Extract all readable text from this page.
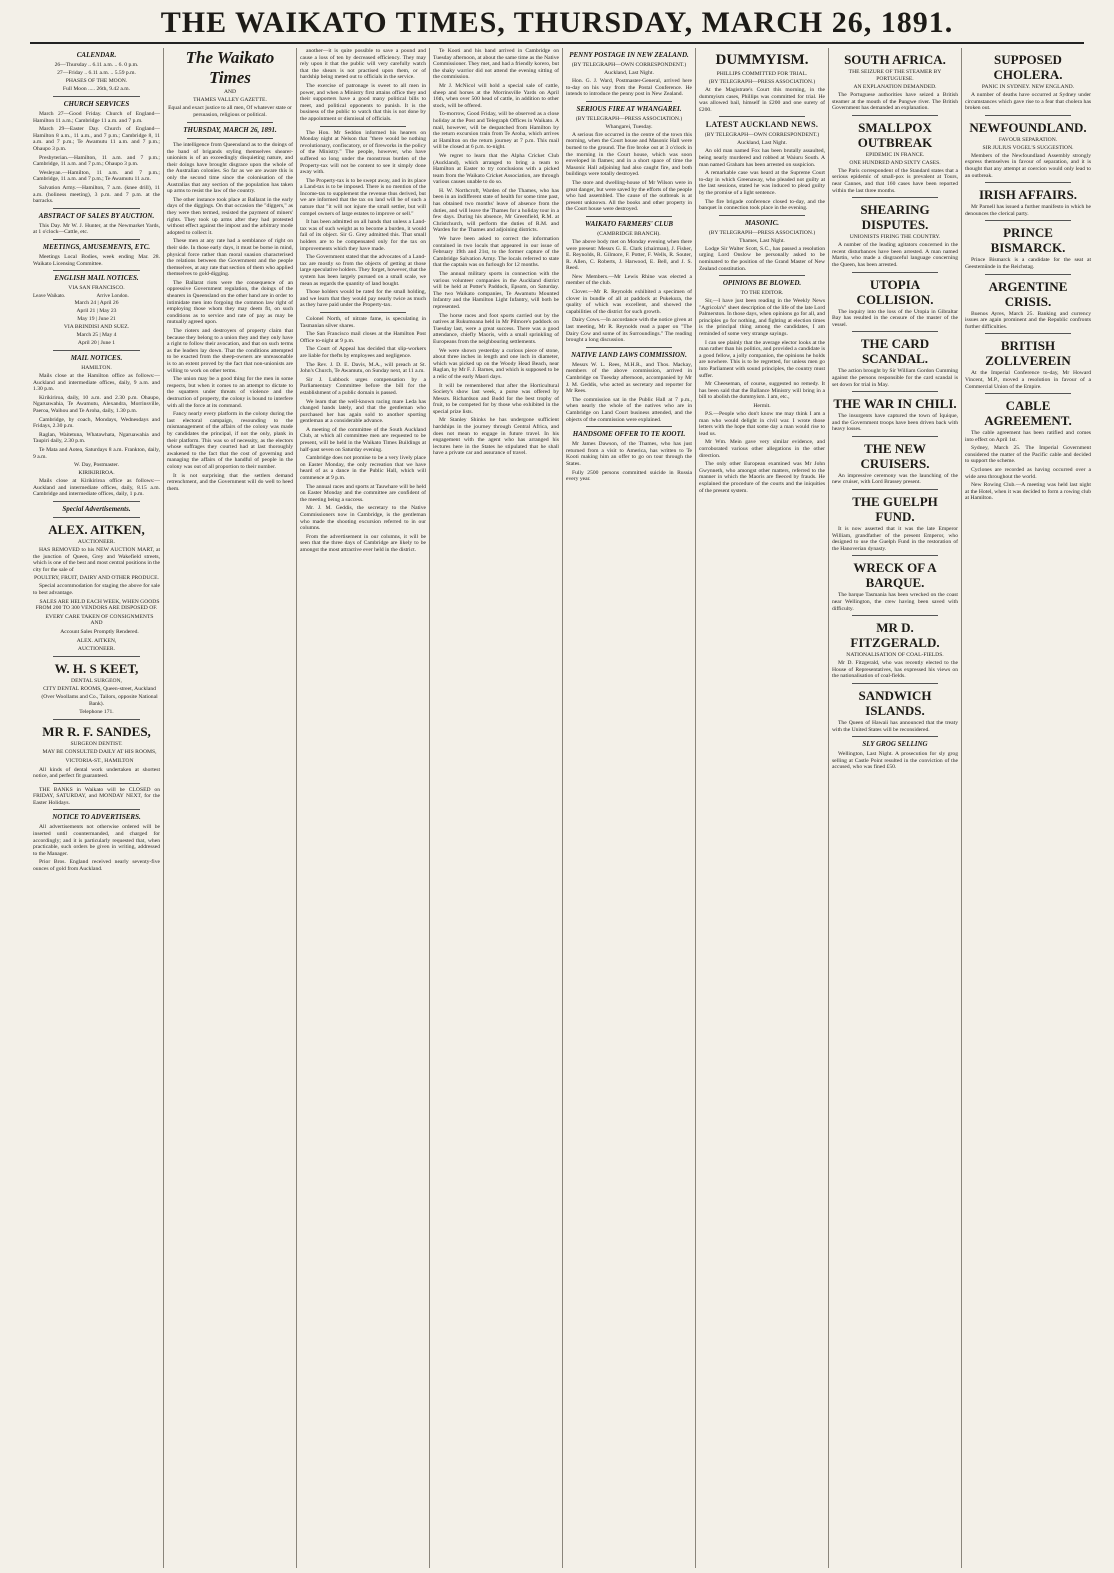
THE WAIKATO TIMES, THURSDAY, MARCH 26, 1891.
CALENDAR.
26—Thursday .. 6.11 a.m. .. 6. 0 p.m.
27—Friday .. 6.11 a.m. .. 5.59 p.m.
PHASES OF THE MOON.
Full Moon ..... 26th, 9.42 a.m.
CHURCH SERVICES

March 27—Good Friday. Church of England—Hamilton 11 a.m.; Cambridge 11 a.m. and 7 p.m.

March 29—Easter Day. Church of England—Hamilton 8 a.m., 11 a.m., and 7 p.m.; Cambridge 8, 11 a.m. and 7 p.m.; Te Awamutu 11 a.m. and 7 p.m.; Ohaupo 3 p.m.

Presbyterian.—Hamilton, 11 a.m. and 7 p.m.; Cambridge, 11 a.m. and 7 p.m.; Ohaupo 3 p.m.

Wesleyan.—Hamilton, 11 a.m. and 7 p.m.; Cambridge, 11 a.m. and 7 p.m.; Te Awamutu 11 a.m.

Salvation Army.—Hamilton, 7 a.m. (knee drill), 11 a.m. (holiness meeting), 3 p.m. and 7 p.m. at the barracks.

ABSTRACT OF SALES BY AUCTION.

This Day. Mr W. J. Hunter, at the Newmarket Yards, at 1 o'clock—Cattle, etc.

MEETINGS, AMUSEMENTS, ETC.

Meetings Local Bodies, week ending Mar. 28. Waikato Licensing Committee.

ENGLISH MAIL NOTICES.
VIA SAN FRANCISCO.
Leave Waikato.	Arrive London.
March 24 | April 26
April 21 | May 23
May 19 | June 21
VIA BRINDISI AND SUEZ.
March 25 | May 4
April 20 | June 1
MAIL NOTICES.
HAMILTON.

Mails close at the Hamilton office as follows:— Auckland and intermediate offices, daily, 9 a.m. and 1.30 p.m.

Kirikiriroa, daily, 10 a.m. and 2.30 p.m. Ohaupo, Ngaruawahia, Te Awamutu, Alexandra, Morrinsville, Paeroa, Waihou and Te Aroha, daily, 1.30 p.m.

Cambridge, by coach, Mondays, Wednesdays and Fridays, 2.30 p.m.

Raglan, Waitetuna, Whatawhata, Ngaruawahia and Taupiri daily, 2.30 p.m.

Te Mata and Aotea, Saturdays 8 a.m. Frankton, daily, 9 a.m.

W. Day, Postmaster.
KIRIKIRIROA.

Mails close at Kirikiriroa office as follows:— Auckland and intermediate offices, daily, 8.15 a.m. Cambridge and intermediate offices, daily, 1 p.m.

Special Advertisements.
ALEX. AITKEN,
AUCTIONEER.

HAS REMOVED to his NEW AUCTION MART, at the junction of Queen, Grey and Wakefield streets, which is one of the best and most central positions in the city for the sale of

POULTRY, FRUIT, DAIRY AND OTHER PRODUCE.

Special accommodation for staging the above for sale to best advantage.

SALES ARE HELD EACH WEEK, WHEN GOODS FROM 200 TO 300 VENDORS ARE DISPOSED OF.

EVERY CARE TAKEN OF CONSIGNMENTS AND

Account Sales Promptly Rendered.

ALEX. AITKEN,
AUCTIONEER.
W. H. S KEET,
DENTAL SURGEON,

CITY DENTAL ROOMS, Queen-street, Auckland

(Over Woollams and Co., Tailors, opposite National Bank).

Telephone 171.
MR R. F. SANDES,
SURGEON DENTIST.

MAY BE CONSULTED DAILY AT HIS ROOMS,

VICTORIA-ST., HAMILTON

All kinds of dental work undertaken at shortest notice, and perfect fit guaranteed.

THE BANKS in Waikato will be CLOSED on FRIDAY, SATURDAY, and MONDAY NEXT, for the Easter Holidays.

NOTICE TO ADVERTISERS.

All advertisements not otherwise ordered will be inserted until countermanded, and charged for accordingly; and it is particularly requested that, when practicable, such orders be given in writing, addressed to the Manager.

Prior Bros. England received nearly seventy-five ounces of gold from Auckland.

The Waikato Times
AND
THAMES VALLEY GAZETTE.
Equal and exact justice to all men, Of whatever state or persuasion, religious or political.
THURSDAY, MARCH 26, 1891.

The intelligence from Queensland as to the doings of the band of brigands styling themselves shearer-unionists is of an exceedingly disquieting nature, and their doings have brought disgrace upon the whole of the Australian colonies. So far as we are aware this is only the second time since the colonisation of the Australias that any section of the population has taken up arms to resist the law of the country.

The other instance took place at Ballarat in the early days of the diggings. On that occasion the "diggers," as they were then termed, resisted the payment of miners' rights. They took up arms after they had protested without effect against the impost and the arbitrary mode adopted to collect it.

These men at any rate had a semblance of right on their side. In those early days, it must be borne in mind, physical force rather than moral suasion characterised the relations between the Government and the people themselves, at any rate that section of them who applied themselves to gold-digging.

The Ballarat riots were the consequence of an oppressive Government regulation, the doings of the shearers in Queensland on the other hand are in order to intimidate men into forgoing the common law right of employing those whom they may deem fit, on such conditions as to service and rate of pay as may be mutually agreed upon.

The rioters and destroyers of property claim that because they belong to a union they and they only have a right to follow their avocation, and that on such terms as the leaders lay down. That the conditions attempted to be exacted from the sheep-owners are unreasonable is to an extent proved by the fact that non-unionists are willing to work on other terms.

The union may be a good thing for the men in some respects, but when it comes to an attempt to dictate to the squatters under threats of violence and the destruction of property, the colony is bound to interfere with all the force at its command.

Fancy nearly every platform in the colony during the last electoral campaign, resounding to the mismanagement of the affairs of the colony was made by candidates the principal, if not the only, plank in their platform. This was so of necessity, as the electors whose suffrages they courted had at last thoroughly awakened to the fact that the cost of governing and managing the affairs of the handful of people in the colony was out of all proportion to their number.

It is not surprising that the settlers demand retrenchment, and the Government will do well to heed them.

another—it is quite possible to save a pound and cause a loss of ten by decreased efficiency. They may rely upon it that the public will very carefully watch that the shears is not practised upon them, or of hardship being meted out to officials in the service.

The exercise of patronage is sweet to all men in power, and when a Ministry first attains office they and their supporters have a good many political bills to meet, and political opponents to punish. It is the business of the public to watch that this is not done by the appointment or dismissal of officials.

The Hon. Mr Seddon informed his hearers on Monday night at Nelson that "there would be nothing revolutionary, confiscatory, or of fireworks in the policy of the Ministry." The people, however, who have suffered so long under the monstrous burden of the Property-tax will not be content to see it simply done away with.

The Property-tax is to be swept away, and in its place a Land-tax is to be imposed. There is no mention of the Income-tax to supplement the revenue thus derived, but we are informed that the tax on land will be of such a nature that "it will not injure the small settler, but will compel owners of large estates to improve or sell."

It has been admitted on all hands that unless a Land-tax was of such weight as to become a burden, it would fail of its object. Sir G. Grey admitted this. That small holders are to be compensated only for the tax on improvements which they have made.

The Government stated that the advocates of a Land-tax are mostly so from the objects of getting at those large speculative holders. They forget, however, that the system has been largely pursued on a small scale, we mean as regards the quantity of land bought.

Those holders would be rated for the small holding, and we learn that they would pay nearly twice as much as they have paid under the Property-tax.

Colonel North, of nitrate fame, is speculating in Tasmanian silver shares.

The San Francisco mail closes at the Hamilton Post Office to-night at 9 p.m.

The Court of Appeal has decided that slip-workers are liable for thefts by employees and negligence.

The Rev. J. D. E. Davis, M.A., will preach at St. John's Church, Te Awamutu, on Sunday next, at 11 a.m.

Sir J. Lubbock urges compensation by a Parliamentary Committee before the bill for the establishment of a public domain is passed.

We learn that the well-known racing mare Leda has changed hands lately, and that the gentleman who purchased her has again sold to another sporting gentleman at a considerable advance.

A meeting of the committee of the South Auckland Club, at which all committee men are requested to be present, will be held in the Waikato Times Buildings at half-past seven on Saturday evening.

Cambridge does not promise to be a very lively place on Easter Monday, the only recreation that we have heard of as a dance in the Public Hall, which will commence at 9 p.m.

The annual races and sports at Tauwhare will be held on Easter Monday and the committee are confident of the meeting being a success.

Mr. J. M. Geddis, the secretary to the Native Commissioners now in Cambridge, is the gentleman who made the shooting excursion referred to in our columns.

From the advertisement in our columns, it will be seen that the three days of Cambridge are likely to be amongst the most attractive ever held in the district.

Te Kooti and his band arrived in Cambridge on Tuesday afternoon, at about the same time as the Native Commissioner. They met, and had a friendly korero, but the shaky warrior did not attend the evening sitting of the commission.

Mr J. McNicol will hold a special sale of cattle, sheep and horses at the Morrinsville Yards on April 16th, when over 500 head of cattle, in addition to other stock, will be offered.

To-morrow, Good Friday, will be observed as a close holiday at the Post and Telegraph Offices in Waikato. A mail, however, will be despatched from Hamilton by the return excursion train from Te Aroha, which arrives at Hamilton on the return journey at 7 p.m. This mail will be closed at 6 p.m. to-night.

We regret to learn that the Alpha Cricket Club (Auckland), which arranged to bring a team to Hamilton at Easter to try conclusions with a picked team from the Waikato Cricket Association, are through various causes unable to do so.

H. W. Northcroft, Warden of the Thames, who has been in an indifferent state of health for some time past, has obtained two months' leave of absence from the duties, and will leave the Thames for a holiday tour in a few days. During his absence, Mr Greenfield, R.M. at Christchurch, will perform the duties of R.M. and Warden for the Thames and adjoining districts.

We have been asked to correct the information contained in two locals that appeared in our issue of February 19th and 21st, to the former capture of the Cambridge Salvation Army. The locals referred to state that the captain was on furlough for 12 months.

The annual military sports in connection with the various volunteer companies in the Auckland district will be held at Potter's Paddock, Epsom, on Saturday. The two Waikato companies, Te Awamutu Mounted Infantry and the Hamilton Light Infantry, will both be represented.

The horse races and foot sports carried out by the natives at Rukumoana held in Mr Pilmore's paddock on Tuesday last, were a great success. There was a good attendance, chiefly Maoris, with a small sprinkling of Europeans from the neighbouring settlements.

We were shown yesterday a curious piece of stone, about three inches in length and one inch in diameter, which was picked up on the Woody Head Beach, near Raglan, by Mr F. J. Barnes, and which is supposed to be a relic of the early Maori days.

It will be remembered that after the Horticultural Society's show last week, a purse was offered by Messrs. Richardson and Budd for the best trophy of fruit, to be competed for by those who exhibited in the special prize lists.

Mr Stanley Shinks he has undergone sufficient hardships in the journey through Central Africa, and does not mean to engage in future travel. In his engagement with the agent who has arranged his lectures here in the States he stipulated that he shall have a private car and assurance of travel.

PENNY POSTAGE IN NEW ZEALAND.
(BY TELEGRAPH—OWN CORRESPONDENT.)
Auckland, Last Night.

Hon. G. J. Ward, Postmaster-General, arrived here to-day on his way from the Postal Conference. He intends to introduce the penny post in New Zealand.

SERIOUS FIRE AT WHANGAREI.
(BY TELEGRAPH—PRESS ASSOCIATION.)
Whangarei, Tuesday.

A serious fire occurred in the centre of the town this morning, when the Court house and Masonic Hall were burned to the ground. The fire broke out at 3 o'clock in the morning in the Court house, which was soon enveloped in flames; and in a short space of time the Masonic Hall adjoining had also caught fire, and both buildings were totally destroyed.

The store and dwelling-house of Mr Wilson were in great danger, but were saved by the efforts of the people who had assembled. The cause of the outbreak is at present unknown. All the books and other property in the Court house were destroyed.

WAIKATO FARMERS' CLUB
(CAMBRIDGE BRANCH).

The above body met on Monday evening when there were present: Messrs G. E. Clark (chairman), J. Fisher, E. Reynolds, R. Gilmore, F. Potter, F. Wells, R. Souter, R. Allen, C. Roberts, J. Harwood, E. Bell, and J. S. Reed.

New Members.—Mr Lewis Rhine was elected a member of the club.

Clover.—Mr R. Reynolds exhibited a specimen of clover in bundle of all at paddock at Pukekura, the quality of which was excellent, and showed the capabilities of the district for such growth.

Dairy Cows.—In accordance with the notice given at last meeting, Mr R. Reynolds read a paper on "The Dairy Cow and some of its Surroundings." The reading brought a long discussion.

NATIVE LAND LAWS COMMISSION.

Messrs W. L. Rees, M.H.R., and Thos. Mackay, members of the above commission, arrived in Cambridge on Tuesday afternoon, accompanied by Mr J. M. Geddis, who acted as secretary and reporter for Mr Rees.

The commission sat in the Public Hall at 7 p.m., when nearly the whole of the natives who are in Cambridge on Land Court business attended, and the objects of the commission were explained.

HANDSOME OFFER TO TE KOOTI.

Mr James Dawson, of the Thames, who has just returned from a visit to America, has written to Te Kooti making him an offer to go on tour through the States.

Fully 2500 persons committed suicide in Russia every year.

DUMMYISM.
PHILLIPS COMMITTED FOR TRIAL.
(BY TELEGRAPH—PRESS ASSOCIATION.)

At the Magistrate's Court this morning, in the dummyism cases, Phillips was committed for trial. He was allowed bail, himself in £200 and one surety of £200.

LATEST AUCKLAND NEWS.
(BY TELEGRAPH—OWN CORRESPONDENT.)
Auckland, Last Night.

An old man named Fox has been brutally assaulted, being nearly murdered and robbed at Waiuru South. A man named Graham has been arrested on suspicion.

A remarkable case was heard at the Supreme Court to-day in which Greenaway, who pleaded not guilty at the last sessions, stated he was induced to plead guilty by the promise of a light sentence.

The fire brigade conference closed to-day, and the banquet in connection took place in the evening.

MASONIC.
(BY TELEGRAPH—PRESS ASSOCIATION.)
Thames, Last Night.

Lodge Sir Walter Scott, S.C., has passed a resolution urging Lord Onslow be personally asked to be nominated to the position of the Grand Master of New Zealand constitution.

OPINIONS BE BLOWED.
TO THE EDITOR.

Sir,—I have just been reading in the Weekly News "Agricola's" sheet description of the life of the late Lord Palmerston. In those days, when opinions go for all, and principles go for nothing, and fighting at election times is the principal thing among the candidates, I am reminded of some very strange sayings.

I can see plainly that the average elector looks at the man rather than his politics, and provided a candidate is a good fellow, a jolly companion, the opinions he holds are nowhere. This is to be regretted, for unless men go into Parliament with sound principles, the country must suffer.

Mr Cheeseman, of course, suggested no remedy. It has been said that the Ballance Ministry will bring in a bill to abolish the dummyism. I am, etc.,

Hermit.

P.S.—People who don't know me may think I am a man who would delight in civil war. I wrote those letters with the hope that some day a man would rise to lead us.

Mr Wm. Mein gave very similar evidence, and corroborated various other allegations in the other direction.

The only other European examined was Mr John Gwynneth, who amongst other matters, referred to the manner in which the Maoris are fleeced by frauds. He explained the procedure of the courts and the iniquities of the present system.

SOUTH AFRICA.
THE SEIZURE OF THE STEAMER BY PORTUGUESE.
AN EXPLANATION DEMANDED.

The Portuguese authorities have seized a British steamer at the mouth of the Pungwe river. The British Government has demanded an explanation.

SMALLPOX OUTBREAK
EPIDEMIC IN FRANCE.
ONE HUNDRED AND SIXTY CASES.

The Paris correspondent of the Standard states that a serious epidemic of small-pox is prevalent at Tours, near Cannes, and that 160 cases have been reported within the last three months.

SHEARING DISPUTES.
UNIONISTS FIRING THE COUNTRY.

A number of the leading agitators concerned in the recent disturbances have been arrested. A man named Martin, who made a disgraceful language concerning the Queen, has been arrested.

UTOPIA COLLISION.

The inquiry into the loss of the Utopia in Gibraltar Bay has resulted in the censure of the master of the vessel.

THE CARD SCANDAL.

The action brought by Sir William Gordon Cumming against the persons responsible for the card scandal is set down for trial in May.

THE WAR IN CHILI.

The insurgents have captured the town of Iquique, and the Government troops have been driven back with heavy losses.

THE NEW CRUISERS.

An impressive ceremony was the launching of the new cruiser, with Lord Brassey present.

THE GUELPH FUND.

It is now asserted that it was the late Emperor William, grandfather of the present Emperor, who designed to use the Guelph Fund in the restoration of the Hanoverian dynasty.

WRECK OF A BARQUE.

The barque Tasmania has been wrecked on the coast near Wellington, the crew having been saved with difficulty.

MR D. FITZGERALD.
NATIONALISATION OF COAL-FIELDS.

Mr D. Fitzgerald, who was recently elected to the House of Representatives, has expressed his views on the nationalisation of coal-fields.

SANDWICH ISLANDS.

The Queen of Hawaii has announced that the treaty with the United States will be reconsidered.

SLY GROG SELLING

Wellington, Last Night. A prosecution for sly grog selling at Castle Point resulted in the conviction of the accused, who was fined £50.

SUPPOSED CHOLERA.
PANIC IN SYDNEY. NEW ENGLAND.

A number of deaths have occurred at Sydney under circumstances which gave rise to a fear that cholera has broken out.

NEWFOUNDLAND.
FAVOUR SEPARATION.
SIR JULIUS VOGEL'S SUGGESTION.

Members of the Newfoundland Assembly strongly express themselves in favour of separation, and it is thought that any attempt at coercion would only lead to an outbreak.

IRISH AFFAIRS.

Mr Parnell has issued a further manifesto in which he denounces the clerical party.

PRINCE BISMARCK.

Prince Bismarck is a candidate for the seat at Geestemünde in the Reichstag.

ARGENTINE CRISIS.

Buenos Ayres, March 25. Banking and currency issues are again prominent and the Republic confronts further difficulties.

BRITISH ZOLLVEREIN

At the Imperial Conference to-day, Mr Howard Vincent, M.P., moved a resolution in favour of a Commercial Union of the Empire.

CABLE AGREEMENT.

The cable agreement has been ratified and comes into effect on April 1st.

Sydney, March 25. The Imperial Government considered the matter of the Pacific cable and decided to support the scheme.

Cyclones are recorded as having occurred over a wide area throughout the world.

New Rowing Club.—A meeting was held last night at the Hotel, when it was decided to form a rowing club at Hamilton.
